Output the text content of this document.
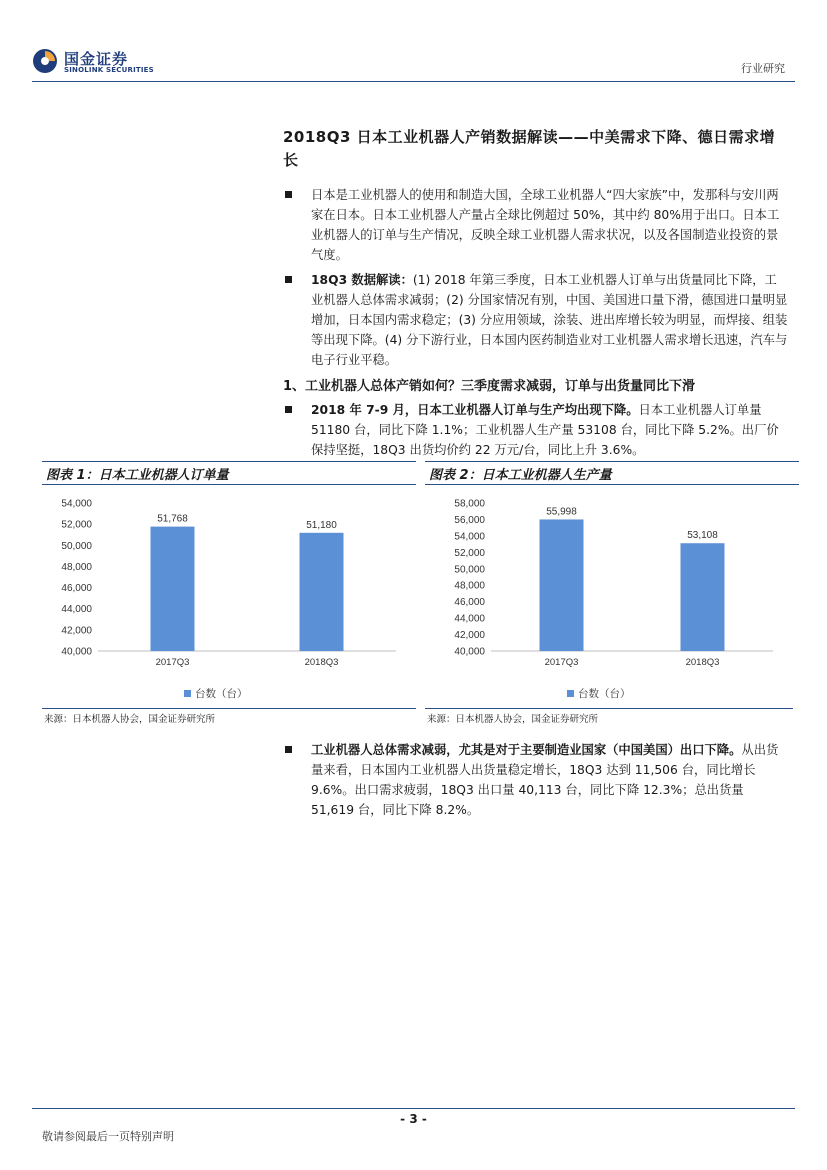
国金证券
SINOLINK SECURITIES	行业研究
2018Q3 日本工业机器人产销数据解读——中美需求下降、德日需求增长
日本是工业机器人的使用和制造大国，全球工业机器人“四大家族”中，发那科与安川两家在日本。日本工业机器人产量占全球比例超过 50%，其中约 80%用于出口。日本工业机器人的订单与生产情况，反映全球工业机器人需求状况，以及各国制造业投资的景气度。
18Q3 数据解读：(1) 2018 年第三季度，日本工业机器人订单与出货量同比下降，工业机器人总体需求减弱；(2) 分国家情况有别，中国、美国进口量下滑，德国进口量明显增加，日本国内需求稳定；(3) 分应用领域，涂装、进出库增长较为明显，而焊接、组装等出现下降。(4) 分下游行业，日本国内医药制造业对工业机器人需求增长迅速，汽车与电子行业平稳。
1、工业机器人总体产销如何？三季度需求减弱，订单与出货量同比下滑
2018 年 7-9 月，日本工业机器人订单与生产均出现下降。日本工业机器人订单量 51180 台，同比下降 1.1%；工业机器人生产量 53108 台，同比下降 5.2%。出厂价保持坚挺，18Q3 出货均价约 22 万元/台，同比上升 3.6%。
图表 1：日本工业机器人订单量
40,000
42,000
44,000
46,000
48,000
50,000
52,000
54,000
51,768
2017Q3
51,180
2018Q3
台数（台）
来源：日本机器人协会，国金证券研究所
图表 2：日本工业机器人生产量
40,000
42,000
44,000
46,000
48,000
50,000
52,000
54,000
56,000
58,000
55,998
2017Q3
53,108
2018Q3
台数（台）
来源：日本机器人协会，国金证券研究所
工业机器人总体需求减弱，尤其是对于主要制造业国家（中国美国）出口下降。从出货量来看，日本国内工业机器人出货量稳定增长，18Q3 达到 11,506 台，同比增长 9.6%。出口需求疲弱，18Q3 出口量 40,113 台，同比下降 12.3%；总出货量 51,619 台，同比下降 8.2%。
- 3 -
敬请参阅最后一页特别声明
